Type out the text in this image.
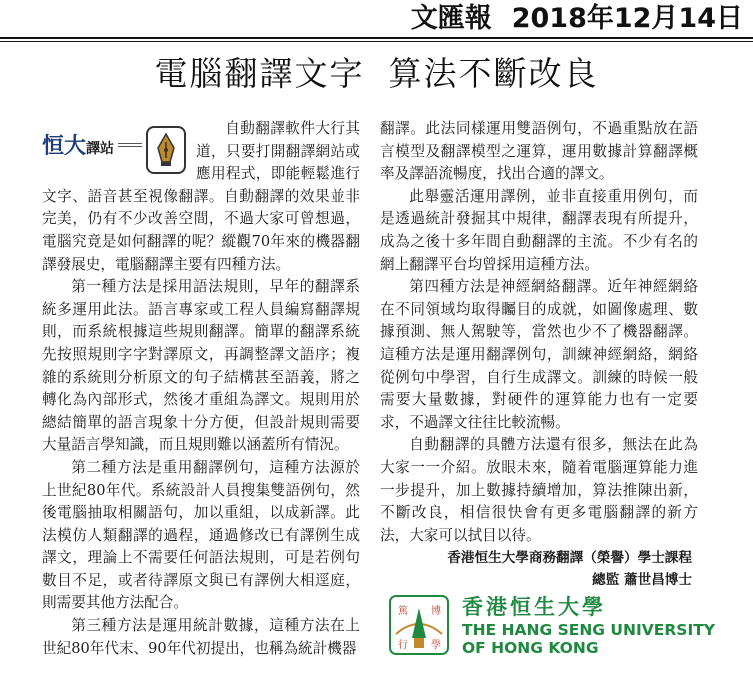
文匯報 2018年12月14日
電腦翻譯文字 算法不斷改良
恒大譯站

自動翻譯軟件大行其道，只要打開翻譯網站或應用程式，即能輕鬆進行文字、語音甚至視像翻譯。自動翻譯的效果並非完美，仍有不少改善空間，不過大家可曾想過，電腦究竟是如何翻譯的呢？縱觀70年來的機器翻譯發展史，電腦翻譯主要有四種方法。

第一種方法是採用語法規則，早年的翻譯系統多運用此法。語言專家或工程人員編寫翻譯規則，而系統根據這些規則翻譯。簡單的翻譯系統先按照規則字字對譯原文，再調整譯文語序；複雜的系統則分析原文的句子結構甚至語義，將之轉化為內部形式，然後才重組為譯文。規則用於總結簡單的語言現象十分方便，但設計規則需要大量語言學知識，而且規則難以涵蓋所有情況。

第二種方法是重用翻譯例句，這種方法源於上世紀80年代。系統設計人員搜集雙語例句，然後電腦抽取相關語句，加以重組，以成新譯。此法模仿人類翻譯的過程，通過修改已有譯例生成譯文，理論上不需要任何語法規則，可是若例句數目不足，或者待譯原文與已有譯例大相逕庭，則需要其他方法配合。

第三種方法是運用統計數據，這種方法在上世紀80年代末、90年代初提出，也稱為統計機器

翻譯。此法同樣運用雙語例句，不過重點放在語言模型及翻譯模型之運算，運用數據計算翻譯概率及譯語流暢度，找出合適的譯文。

此舉靈活運用譯例，並非直接重用例句，而是透過統計發掘其中規律，翻譯表現有所提升，成為之後十多年間自動翻譯的主流。不少有名的網上翻譯平台均曾採用這種方法。

第四種方法是神經網絡翻譯。近年神經網絡在不同領域均取得矚目的成就，如圖像處理、數據預測、無人駕駛等，當然也少不了機器翻譯。這種方法是運用翻譯例句，訓練神經網絡，網絡從例句中學習，自行生成譯文。訓練的時候一般需要大量數據，對硬件的運算能力也有一定要求，不過譯文往往比較流暢。

自動翻譯的具體方法還有很多，無法在此為大家一一介紹。放眼未來，隨着電腦運算能力進一步提升，加上數據持續增加，算法推陳出新，不斷改良，相信很快會有更多電腦翻譯的新方法，大家可以拭目以待。

香港恒生大學商務翻譯（榮譽）學士課程

總監 蕭世昌博士

篤 博
行 學
香港恒生大學
THE HANG SENG UNIVERSITY
OF HONG KONG
